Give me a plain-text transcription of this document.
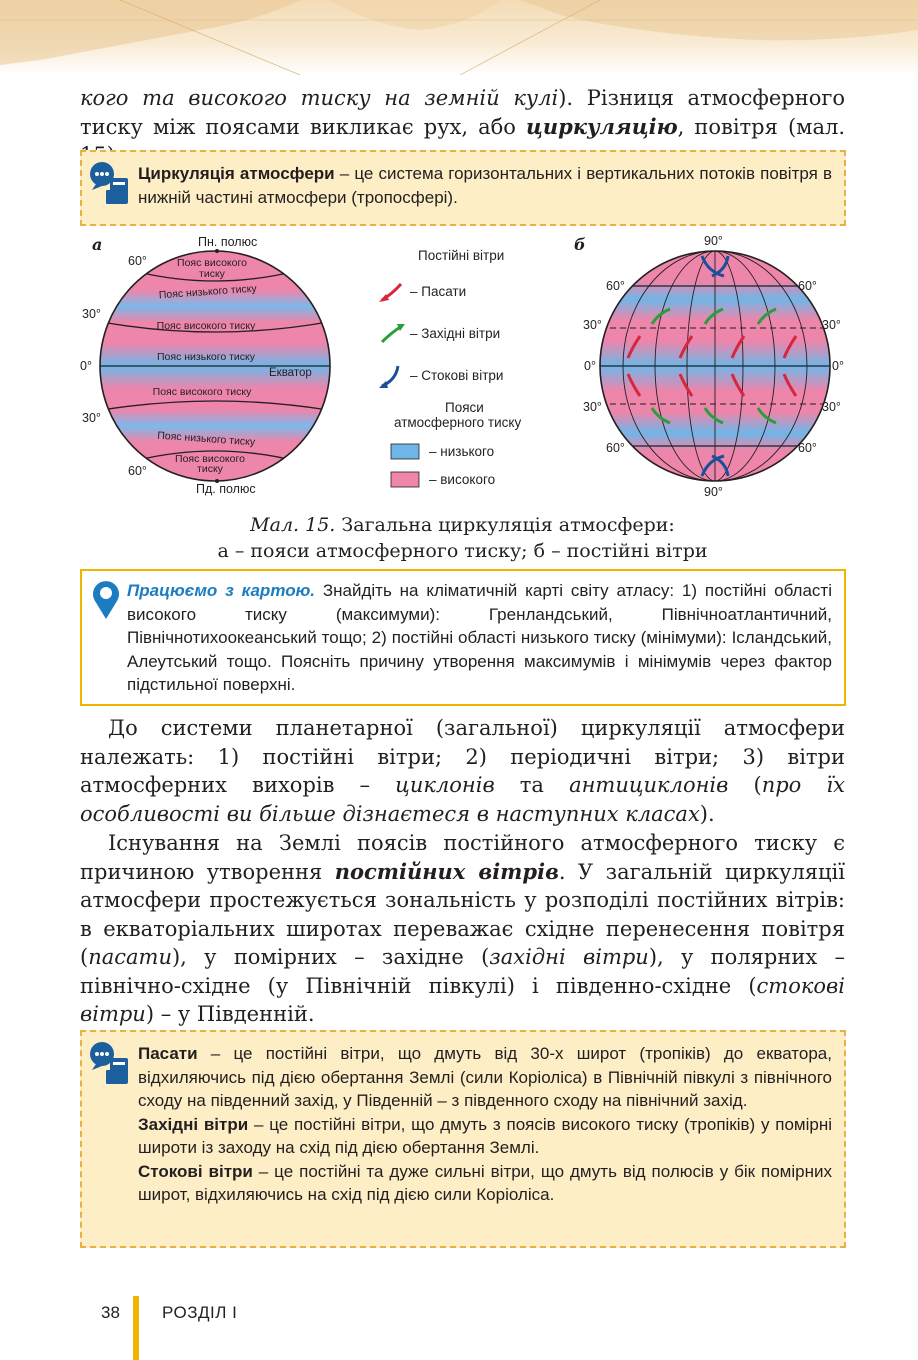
кого та високого тиску на земній кулі). Різниця атмосферного тиску між поясами викликає рух, або циркуляцію, повітря (мал.
Циркуляція атмосфери – це система горизонтальних і вертикальних потоків повітря в нижній частині атмосфери (тропосфері).
а	Пн. полюс
Пд. полюс
60°
30°
0°
30°
60°
Екватор
Пояс високого
тиску
Пояс низького тиску
Пояс високого тиску
Пояс низького тиску
Пояс високого тиску
Пояс низького тиску
Пояс високого
тиску
Постійні вітри
– Пасати
– Західні вітри
– Стокові вітри
Пояси
атмосферного тиску
– низького
– високого
б	90°
60°	60°
30°	30°
0°	0°
30°	30°
60°	60°
90°
Мал. 15. Загальна циркуляція атмосфери:
а – пояси атмосферного тиску; б – постійні вітри
Працюємо з картою. Знайдіть на кліматичній карті світу атласу: 1) постійні області високого тиску (максимуми): Гренландський, Північноатлантичний, Північнотихоокеанський тощо; 2) постійні області низького тиску (мінімуми): Ісландський, Алеутський тощо. Поясніть причину утворення максимумів і мінімумів через фактор підстильної поверхні.
До системи планетарної (загальної) циркуляції атмосфери належать: 1) постійні вітри; 2) періодичні вітри; 3) вітри атмосферних вихорів – циклонів та антициклонів (про їх особливості ви більше дізнаєтеся в наступних класах).
Існування на Землі поясів постійного атмосферного тиску є причиною утворення постійних вітрів. У загальній циркуляції атмосфери простежується зональність у розподілі постійних вітрів: в екваторіальних широтах переважає східне перенесення повітря (пасати), у помірних – західне (західні вітри), у полярних – північно-східне (у Північній півкулі) і південно-східне (стокові вітри) – у Південній.
Пасати – це постійні вітри, що дмуть від 30-х широт (тропіків) до екватора, відхиляючись під дією обертання Землі (сили Коріоліса) в Північній півкулі з північного сходу на південний захід, у Південній – з південного сходу на північний захід.
Західні вітри – це постійні вітри, що дмуть з поясів високого тиску (тропіків) у помірні широти із заходу на схід під дією обертання Землі.
Стокові вітри – це постійні та дуже сильні вітри, що дмуть від полюсів у бік помірних широт, відхиляючись на схід під дією сили Коріоліса.
38 РОЗДІЛ I
